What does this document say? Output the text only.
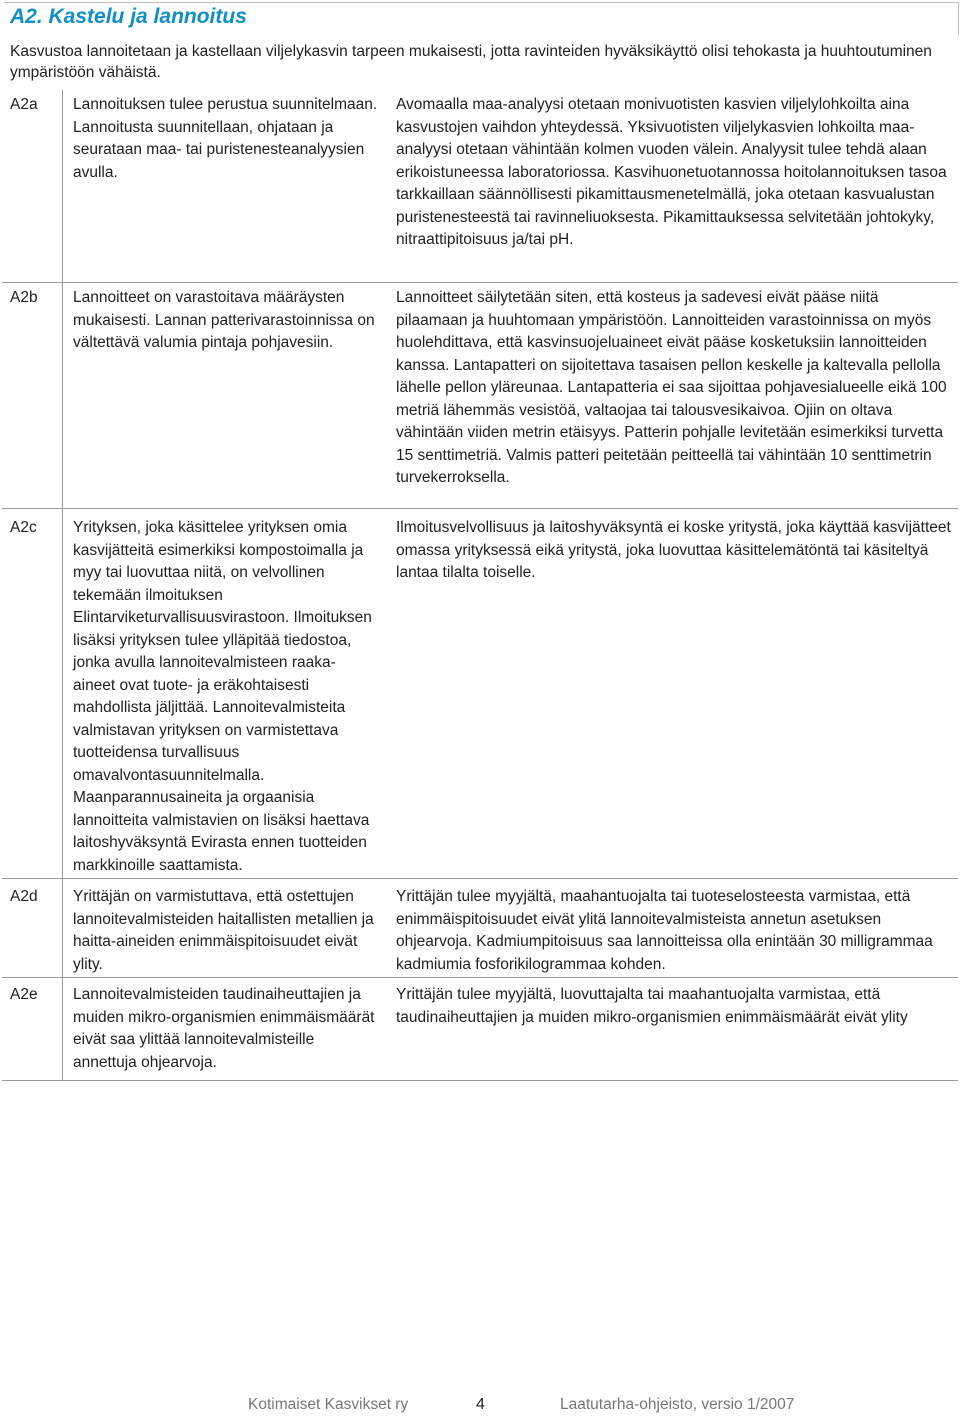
A2. Kastelu ja lannoitus

Kasvustoa lannoitetaan ja kastellaan viljelykasvin tarpeen mukaisesti, jotta ravinteiden hyväksikäyttö olisi tehokasta ja huuhtoutuminen ympäristöön vähäistä.

A2a Lannoituksen tulee perustua suunnitelmaan. Lannoitusta suunnitellaan, ohjataan ja seurataan maa- tai puristenesteanalyysien avulla.

Avomaalla maa-analyysi otetaan monivuotisten kasvien viljelylohkoilta aina kasvustojen vaihdon yhteydessä. Yksivuotisten viljelykasvien lohkoilta maa-analyysi otetaan vähintään kolmen vuoden välein. Analyysit tulee tehdä alaan erikoistuneessa laboratoriossa. Kasvihuonetuotannossa hoitolannoituksen tasoa tarkkaillaan säännöllisesti pikamittausmenetelmällä, joka otetaan kasvualustan puristenesteestä tai ravinneliuoksesta. Pikamittauksessa selvitetään johtokyky, nitraattipitoisuus ja/tai pH.

A2b Lannoitteet on varastoitava määräysten mukaisesti. Lannan patterivarastoinnissa on vältettävä valumia pintaja pohjavesiin.

Lannoitteet säilytetään siten, että kosteus ja sadevesi eivät pääse niitä pilaamaan ja huuhtomaan ympäristöön. Lannoitteiden varastoinnissa on myös huolehdittava, että kasvinsuojeluaineet eivät pääse kosketuksiin lannoitteiden kanssa. Lantapatteri on sijoitettava tasaisen pellon keskelle ja kaltevalla pellolla lähelle pellon yläreunaa. Lantapatteria ei saa sijoittaa pohjavesialueelle eikä 100 metriä lähemmäs vesistöä, valtaojaa tai talousvesikaivoa. Ojiin on oltava vähintään viiden metrin etäisyys. Patterin pohjalle levitetään esimerkiksi turvetta 15 senttimetriä. Valmis patteri peitetään peitteellä tai vähintään 10 senttimetrin turvekerroksella.

A2c Yrityksen, joka käsittelee yrityksen omia kasvijätteitä esimerkiksi kompostoimalla ja myy tai luovuttaa niitä, on velvollinen tekemään ilmoituksen Elintarviketurvallisuusvirastoon. Ilmoituksen lisäksi yrityksen tulee ylläpitää tiedostoa, jonka avulla lannoitevalmisteen raaka-aineet ovat tuote- ja eräkohtaisesti mahdollista jäljittää. Lannoitevalmisteita valmistavan yrityksen on varmistettava tuotteidensa turvallisuus omavalvontasuunnitelmalla. Maanparannusaineita ja orgaanisia lannoitteita valmistavien on lisäksi haettava laitoshyväksyntä Evirasta ennen tuotteiden markkinoille saattamista.

Ilmoitusvelvollisuus ja laitoshyväksyntä ei koske yritystä, joka käyttää kasvijätteet omassa yrityksessä eikä yritystä, joka luovuttaa käsittelemätöntä tai käsiteltyä lantaa tilalta toiselle.

A2d Yrittäjän on varmistuttava, että ostettujen lannoitevalmisteiden haitallisten metallien ja haitta-aineiden enimmäispitoisuudet eivät ylity.

Yrittäjän tulee myyjältä, maahantuojalta tai tuoteselosteesta varmistaa, että enimmäispitoisuudet eivät ylitä lannoitevalmisteista annetun asetuksen ohjearvoja. Kadmiumpitoisuus saa lannoitteissa olla enintään 30 milligrammaa kadmiumia fosforikilogrammaa kohden.

A2e Lannoitevalmisteiden taudinaiheuttajien ja muiden mikro-organismien enimmäismäärät eivät saa ylittää lannoitevalmisteille annettuja ohjearvoja.

Yrittäjän tulee myyjältä, luovuttajalta tai maahantuojalta varmistaa, että taudinaiheuttajien ja muiden mikro-organismien enimmäismäärät eivät ylity

Kotimaiset Kasvikset ry	4	Laatutarha-ohjeisto, versio 1/2007
